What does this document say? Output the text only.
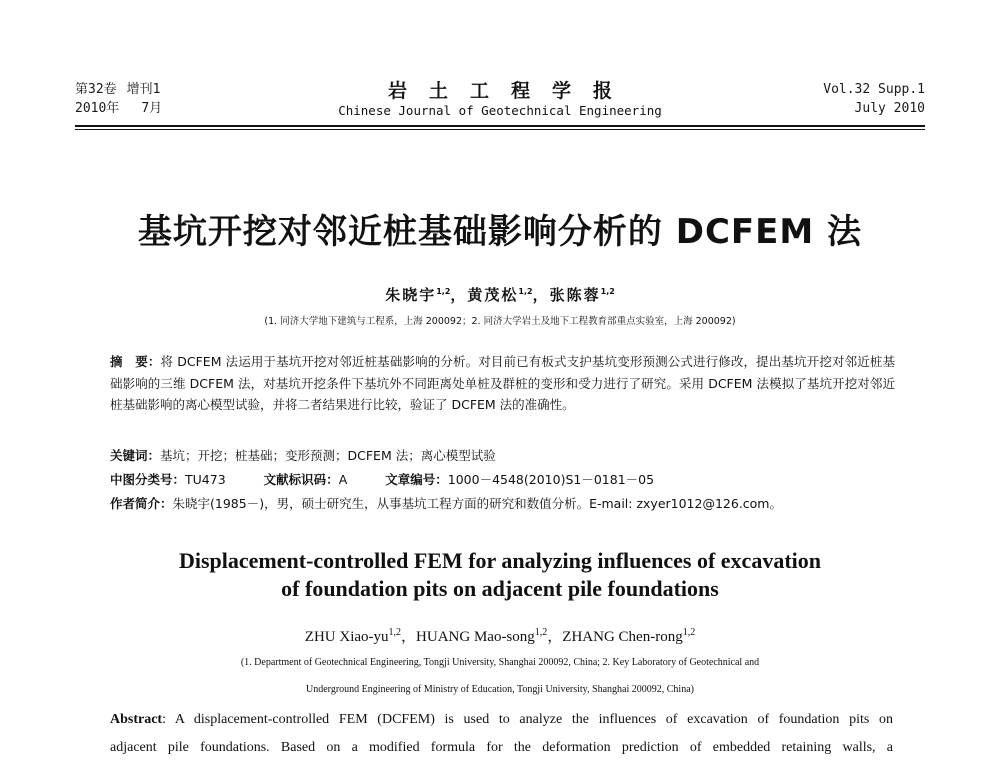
第32卷 增刊1
2010年 7月
岩土工程学报
Chinese Journal of Geotechnical Engineering
Vol.32 Supp.1
July 2010
基坑开挖对邻近桩基础影响分析的 DCFEM 法
朱晓宇$^{1,2}$，黄茂松$^{1,2}$，张陈蓉$^{1,2}$
(1. 同济大学地下建筑与工程系，上海 200092；2. 同济大学岩土及地下工程教育部重点实验室，上海 200092)
摘　要：将 DCFEM 法运用于基坑开挖对邻近桩基础影响的分析。对目前已有板式支护基坑变形预测公式进行修改，提出基坑开挖对邻近桩基础影响的三维 DCFEM 法，对基坑开挖条件下基坑外不同距离处单桩及群桩的变形和受力进行了研究。采用 DCFEM 法模拟了基坑开挖对邻近桩基础影响的离心模型试验，并将二者结果进行比较，验证了 DCFEM 法的准确性。
关键词：基坑；开挖；桩基础；变形预测；DCFEM 法；离心模型试验
中图分类号：TU473	文献标识码：A	文章编号：1000－4548(2010)S1－0181－05
作者简介：朱晓宇(1985－)，男，硕士研究生，从事基坑工程方面的研究和数值分析。E-mail: zxyer1012@126.com。
Displacement-controlled FEM for analyzing influences of excavation
of foundation pits on adjacent pile foundations
ZHU Xiao-yu$^{1,2}$，HUANG Mao-song$^{1,2}$，ZHANG Chen-rong$^{1,2}$
(1. Department of Geotechnical Engineering, Tongji University, Shanghai 200092, China; 2. Key Laboratory of Geotechnical and
Underground Engineering of Ministry of Education, Tongji University, Shanghai 200092, China)
Abstract: A displacement-controlled FEM (DCFEM) is used to analyze the influences of excavation of foundation pits on
adjacent pile foundations. Based on a modified formula for the deformation prediction of embedded retaining walls, a
